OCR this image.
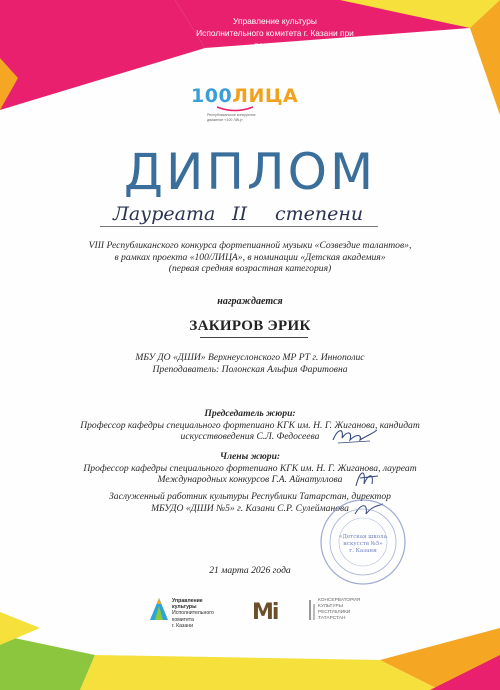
Управление культуры
Исполнительного комитета г. Казани при поддержке
Министерства культуры Республики Татарстан
100ЛИЦА
Республиканское конкурсное
движение «100 ЛИЦ»
ДИПЛОМ
Лауреата II степени
VIII Республиканского конкурса фортепианной музыки «Созвездие талантов»,
в рамках проекта «100/ЛИЦА», в номинации «Детская академия»
(первая средняя возрастная категория)
награждается
ЗАКИРОВ ЭРИК
МБУ ДО «ДШИ» Верхнеуслонского МР РТ г. Иннополис
Преподаватель: Полонская Альфия Фаритовна
Председатель жюри:
Профессор кафедры специального фортепиано КГК им. Н. Г. Жиганова, кандидат
искусствоведения С.Л. Федосеева
Члены жюри:
Профессор кафедры специального фортепиано КГК им. Н. Г. Жиганова, лауреат
Международных конкурсов Г.А. Айнатуллова
Заслуженный работник культуры Республики Татарстан, директор
МБУДО «ДШИ №5» г. Казани С.Р. Сулейманова
«Детская школа
искусств №5»
г. Казани
21 марта 2026 года
Управление
культуры
Исполнительного
комитета
г. Казани
Mi	КОНСЕРВАТОРИЯ
КУЛЬТУРЫ
РЕСПУБЛИКИ
ТАТАРСТАН
